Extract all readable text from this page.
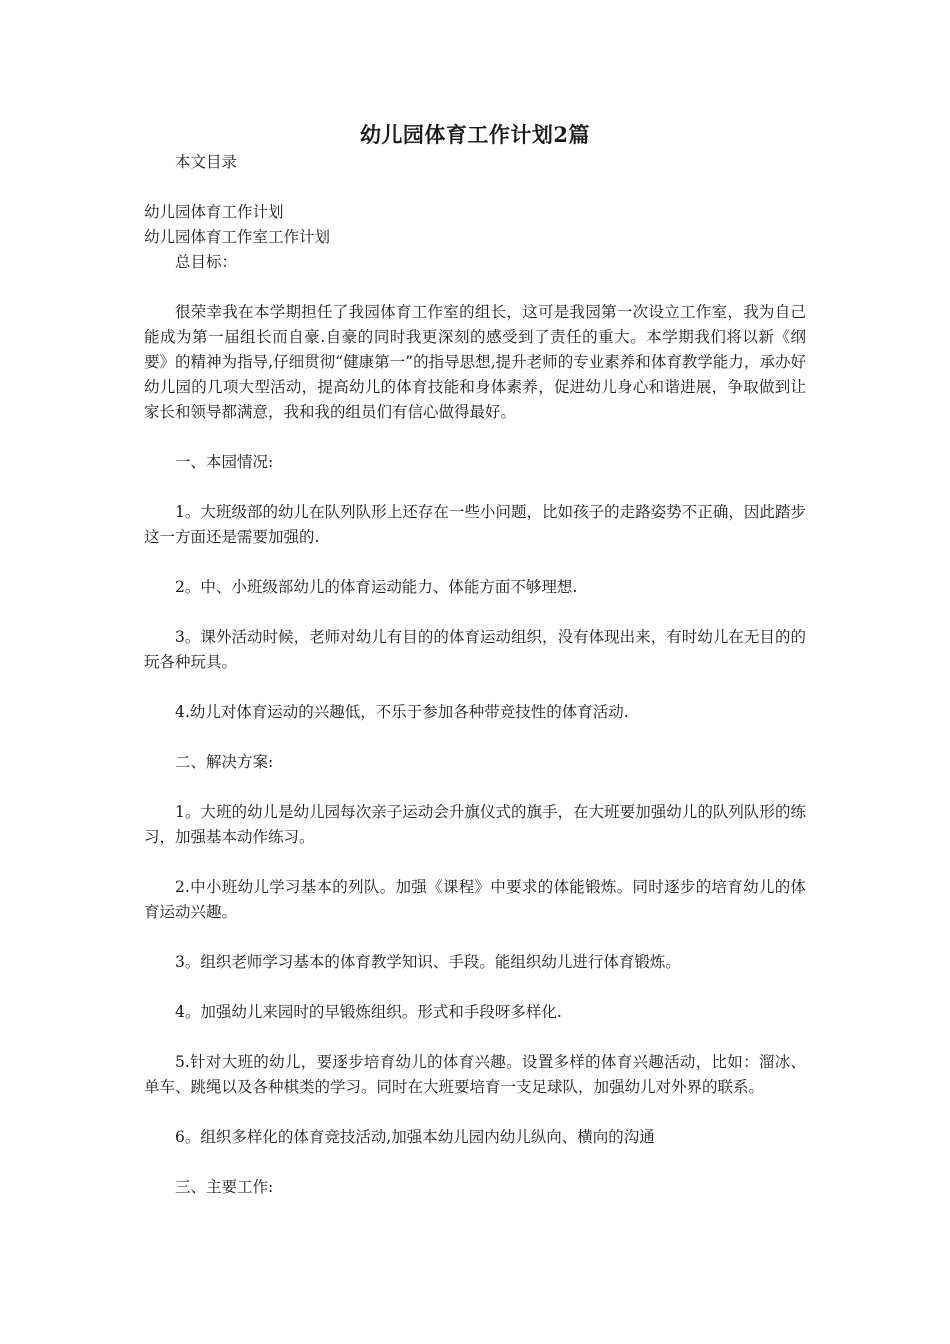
幼儿园体育工作计划2篇

本文目录

幼儿园体育工作计划

幼儿园体育工作室工作计划

总目标：

很荣幸我在本学期担任了我园体育工作室的组长，这可是我园第一次设立工作室，我为自己能成为第一届组长而自豪.自豪的同时我更深刻的感受到了责任的重大。本学期我们将以新《纲要》的精神为指导,仔细贯彻“健康第一”的指导思想,提升老师的专业素养和体育教学能力，承办好幼儿园的几项大型活动，提高幼儿的体育技能和身体素养，促进幼儿身心和谐进展，争取做到让家长和领导都满意，我和我的组员们有信心做得最好。

一、本园情况:

1。大班级部的幼儿在队列队形上还存在一些小问题，比如孩子的走路姿势不正确，因此踏步这一方面还是需要加强的.

2。中、小班级部幼儿的体育运动能力、体能方面不够理想.

3。课外活动时候，老师对幼儿有目的的体育运动组织，没有体现出来，有时幼儿在无目的的玩各种玩具。

4.幼儿对体育运动的兴趣低，不乐于参加各种带竞技性的体育活动.

二、解决方案:

1。大班的幼儿是幼儿园每次亲子运动会升旗仪式的旗手，在大班要加强幼儿的队列队形的练习，加强基本动作练习。

2.中小班幼儿学习基本的列队。加强《课程》中要求的体能锻炼。同时逐步的培育幼儿的体育运动兴趣。

3。组织老师学习基本的体育教学知识、手段。能组织幼儿进行体育锻炼。

4。加强幼儿来园时的早锻炼组织。形式和手段呀多样化.

5.针对大班的幼儿，要逐步培育幼儿的体育兴趣。设置多样的体育兴趣活动，比如：溜冰、单车、跳绳以及各种棋类的学习。同时在大班要培育一支足球队，加强幼儿对外界的联系。

6。组织多样化的体育竞技活动,加强本幼儿园内幼儿纵向、横向的沟通

三、主要工作:
